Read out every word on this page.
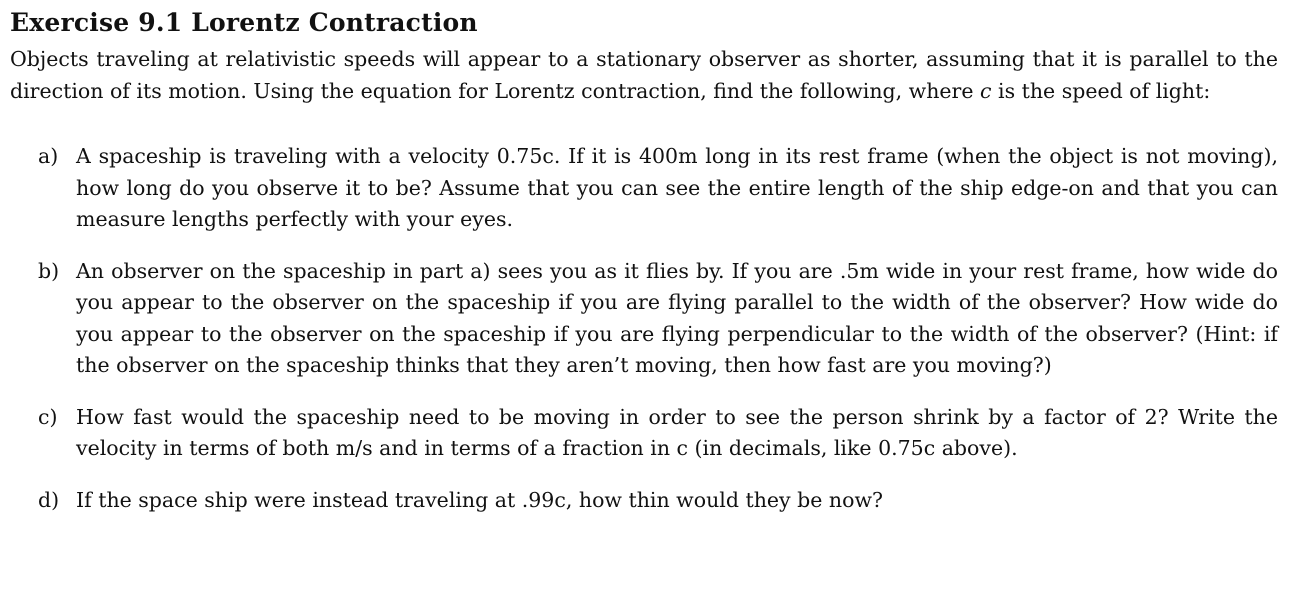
Exercise 9.1 Lorentz Contraction

Objects traveling at relativistic speeds will appear to a stationary observer as shorter, assuming that it is parallel to the direction of its motion. Using the equation for Lorentz contraction, find the following, where c is the speed of light:

a) A spaceship is traveling with a velocity 0.75c. If it is 400m long in its rest frame (when the object is not moving), how long do you observe it to be? Assume that you can see the entire length of the ship edge-on and that you can measure lengths perfectly with your eyes.
b) An observer on the spaceship in part a) sees you as it flies by. If you are .5m wide in your rest frame, how wide do you appear to the observer on the spaceship if you are flying parallel to the width of the observer? How wide do you appear to the observer on the spaceship if you are flying perpendicular to the width of the observer? (Hint: if the observer on the spaceship thinks that they aren’t moving, then how fast are you moving?)
c) How fast would the spaceship need to be moving in order to see the person shrink by a factor of 2? Write the velocity in terms of both m/s and in terms of a fraction in c (in decimals, like 0.75c above).
d) If the space ship were instead traveling at .99c, how thin would they be now?
